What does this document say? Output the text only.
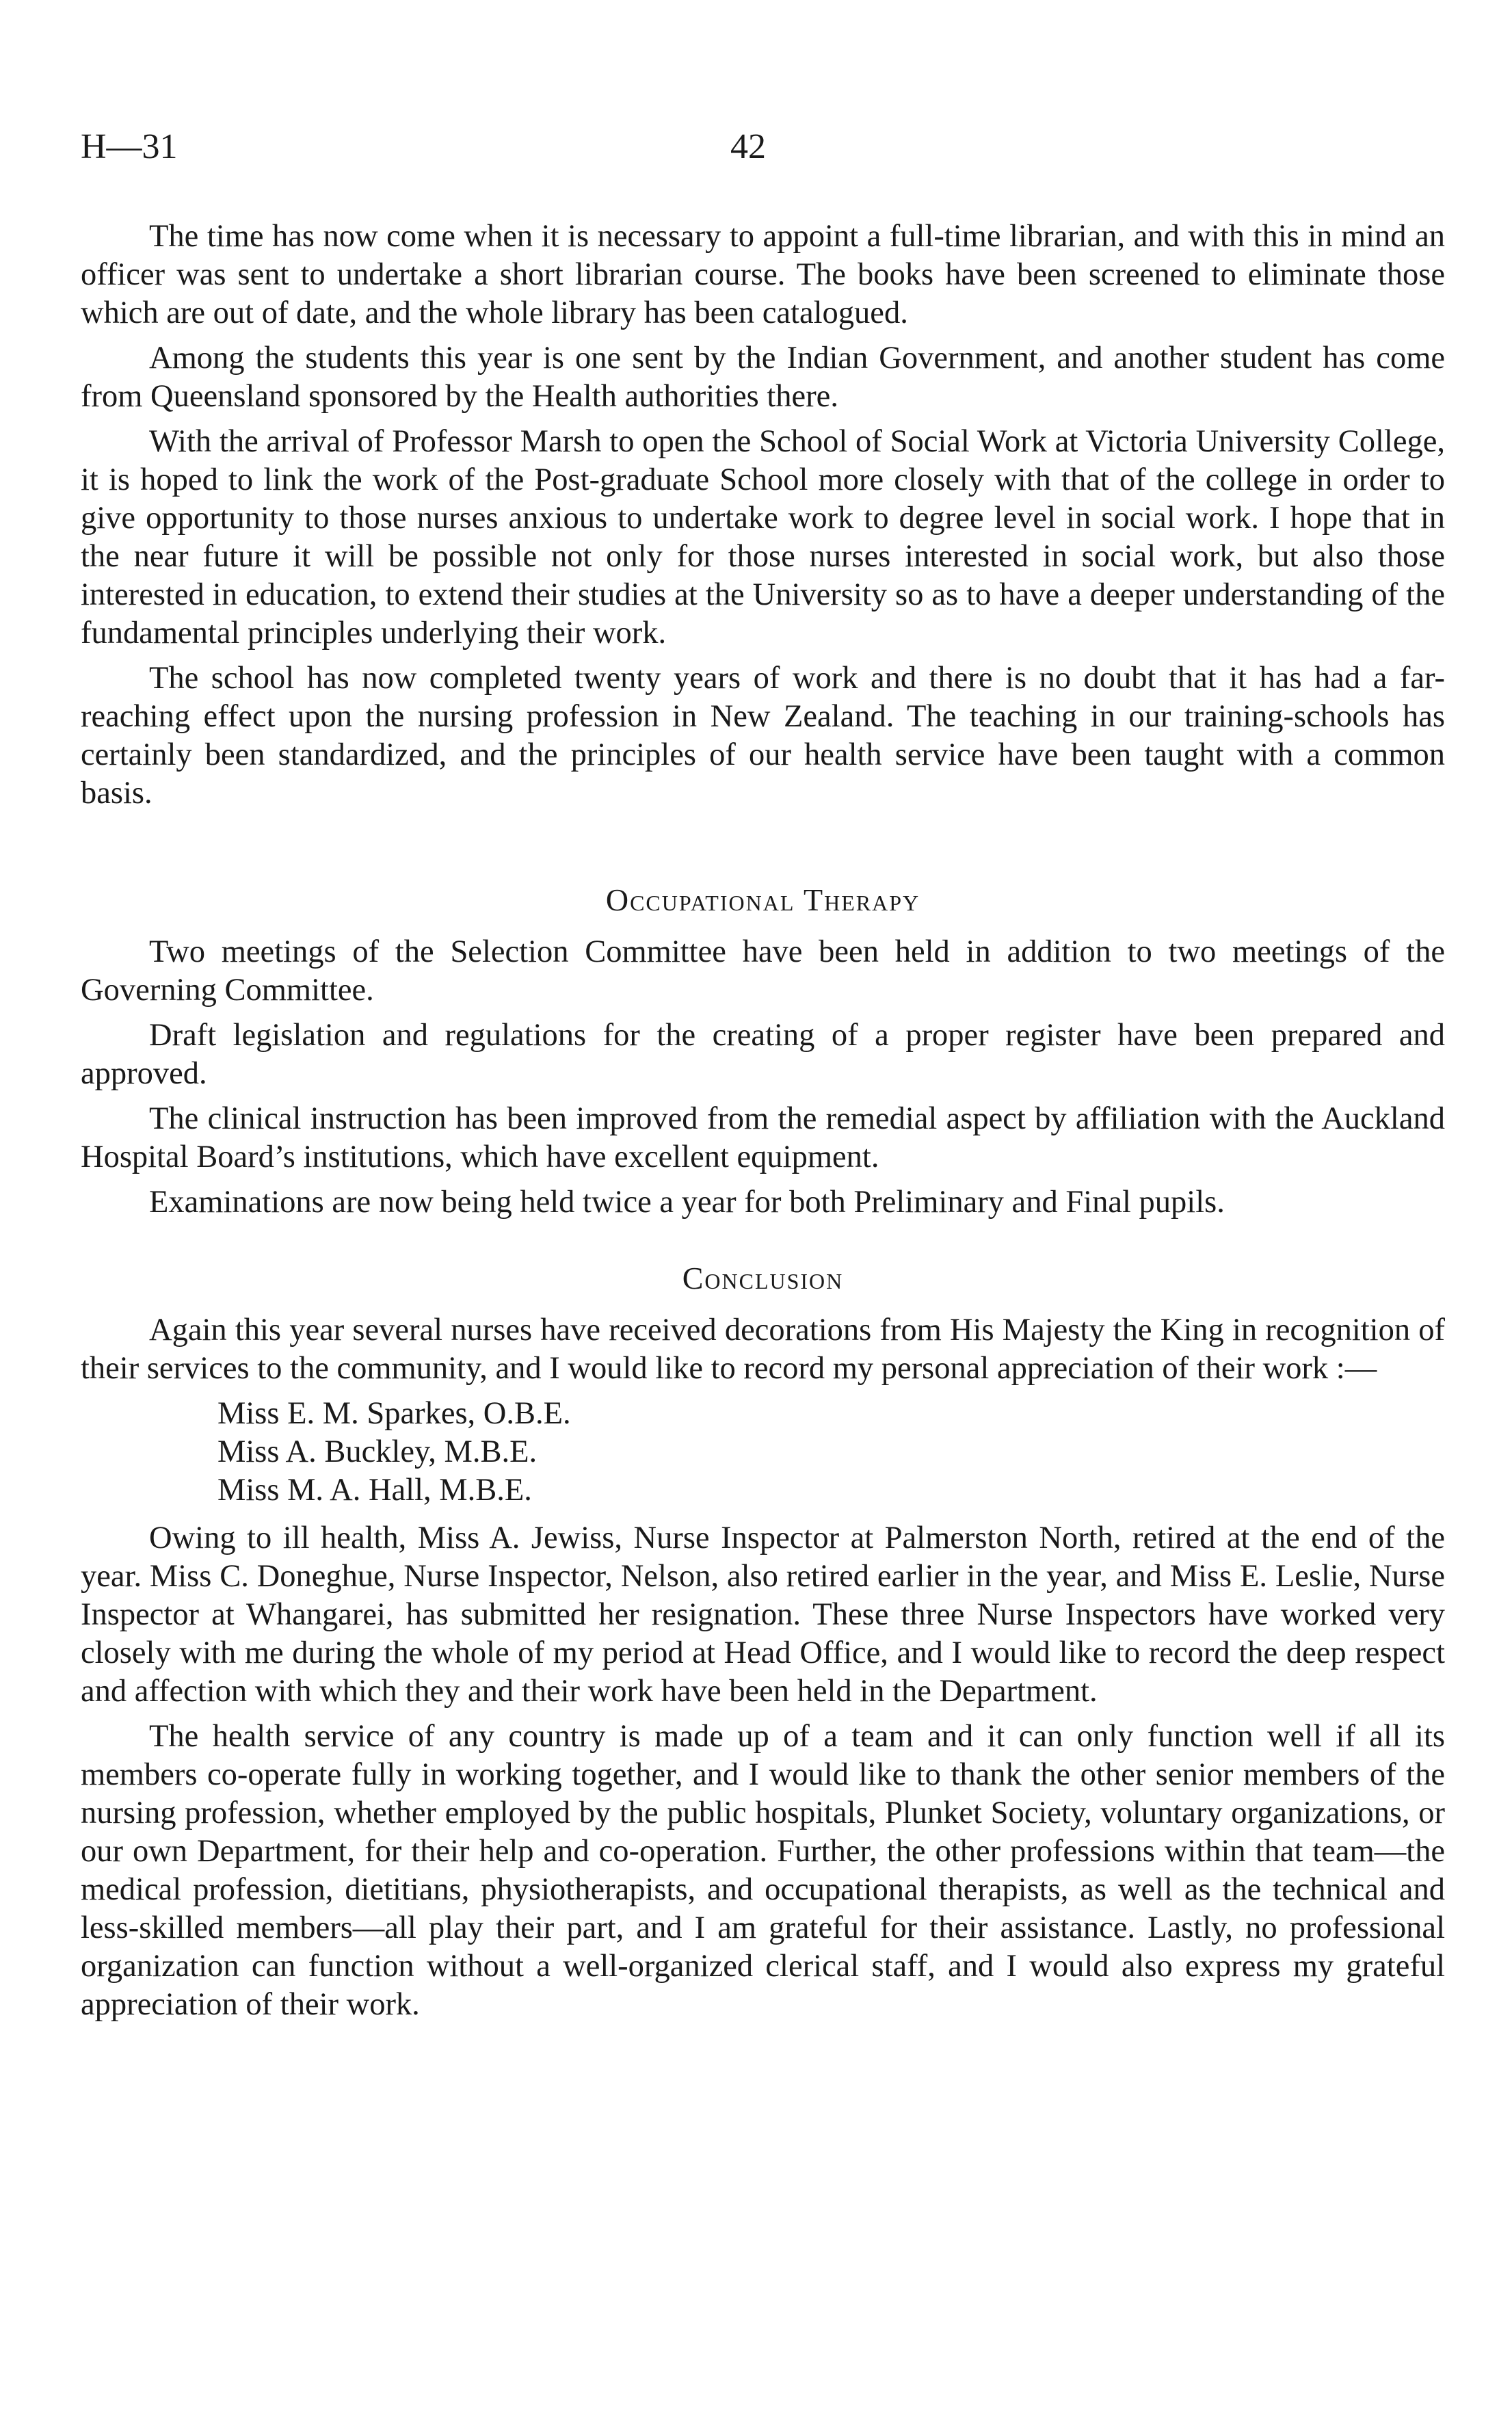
H—31	42

The time has now come when it is necessary to appoint a full-time librarian, and with this in mind an officer was sent to undertake a short librarian course. The books have been screened to eliminate those which are out of date, and the whole library has been catalogued.

Among the students this year is one sent by the Indian Government, and another student has come from Queensland sponsored by the Health authorities there.

With the arrival of Professor Marsh to open the School of Social Work at Victoria University College, it is hoped to link the work of the Post-graduate School more closely with that of the college in order to give opportunity to those nurses anxious to undertake work to degree level in social work. I hope that in the near future it will be possible not only for those nurses interested in social work, but also those interested in education, to extend their studies at the University so as to have a deeper understanding of the fundamental principles underlying their work.

The school has now completed twenty years of work and there is no doubt that it has had a far-reaching effect upon the nursing profession in New Zealand. The teaching in our training-schools has certainly been standardized, and the principles of our health service have been taught with a common basis.

Occupational Therapy

Two meetings of the Selection Committee have been held in addition to two meetings of the Governing Committee.

Draft legislation and regulations for the creating of a proper register have been prepared and approved.

The clinical instruction has been improved from the remedial aspect by affiliation with the Auckland Hospital Board’s institutions, which have excellent equipment.

Examinations are now being held twice a year for both Preliminary and Final pupils.

Conclusion

Again this year several nurses have received decorations from His Majesty the King in recognition of their services to the community, and I would like to record my personal appreciation of their work :—

Miss E. M. Sparkes, O.B.E.
Miss A. Buckley, M.B.E.
Miss M. A. Hall, M.B.E.

Owing to ill health, Miss A. Jewiss, Nurse Inspector at Palmerston North, retired at the end of the year. Miss C. Doneghue, Nurse Inspector, Nelson, also retired earlier in the year, and Miss E. Leslie, Nurse Inspector at Whangarei, has submitted her resignation. These three Nurse Inspectors have worked very closely with me during the whole of my period at Head Office, and I would like to record the deep respect and affection with which they and their work have been held in the Department.

The health service of any country is made up of a team and it can only function well if all its members co-operate fully in working together, and I would like to thank the other senior members of the nursing profession, whether employed by the public hospitals, Plunket Society, voluntary organizations, or our own Department, for their help and co-operation. Further, the other professions within that team—the medical profession, dietitians, physiotherapists, and occupational therapists, as well as the technical and less-skilled members—all play their part, and I am grateful for their assistance. Lastly, no professional organization can function without a well-organized clerical staff, and I would also express my grateful appreciation of their work.
